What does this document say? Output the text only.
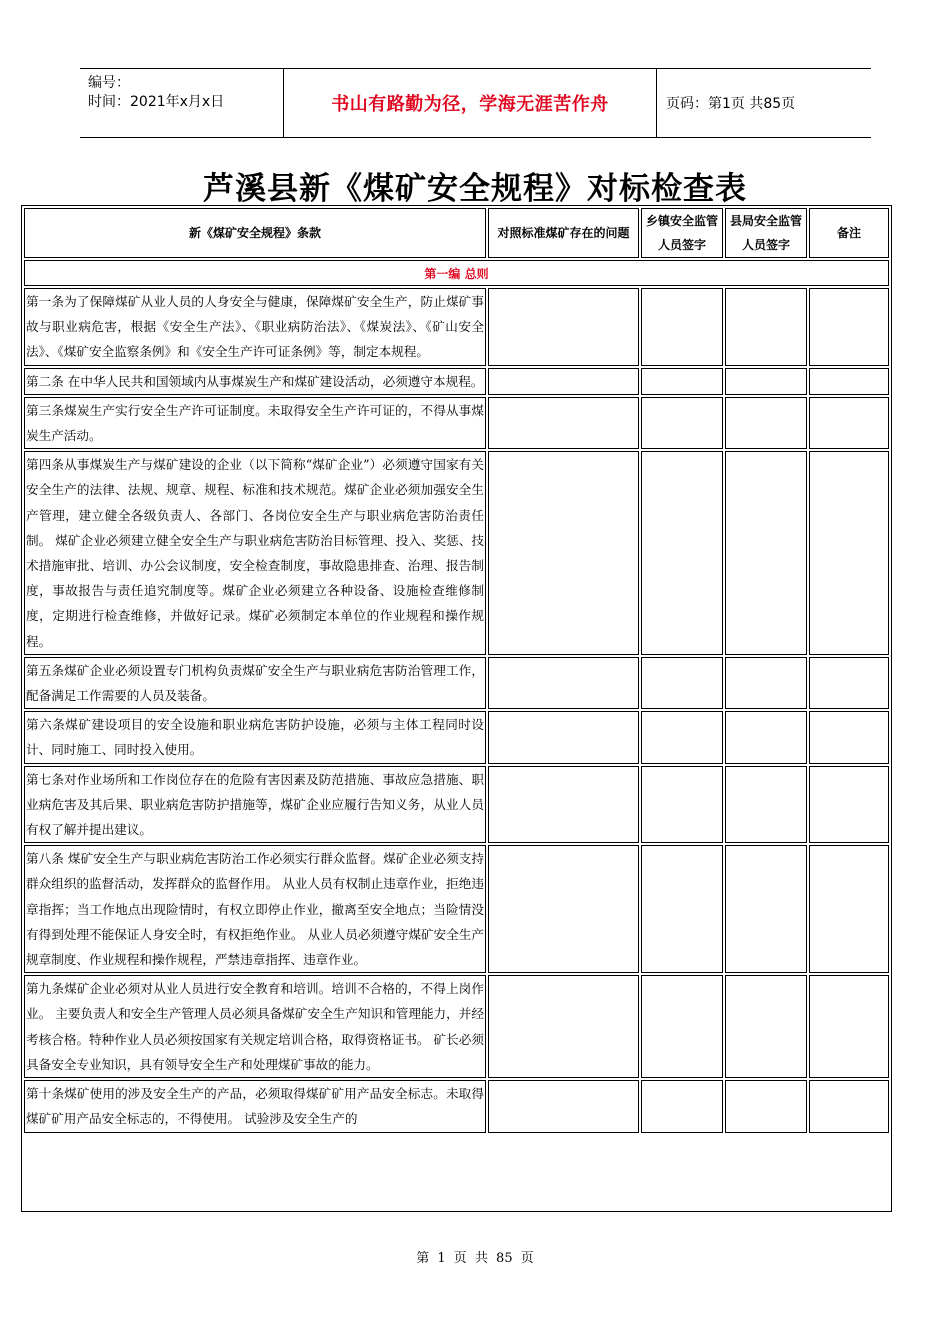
编号：
时间：2021年x月x日	书山有路勤为径，学海无涯苦作舟	页码：第1页 共85页
芦溪县新《煤矿安全规程》对标检查表
新《煤矿安全规程》条款	对照标准煤矿存在的问题	乡镇安全监管人员签字	县局安全监管人员签字	备注
第一编 总则				
第一条为了保障煤矿从业人员的人身安全与健康，保障煤矿安全生产，防止煤矿事故与职业病危害，根据《安全生产法》、《职业病防治法》、《煤炭法》、《矿山安全法》、《煤矿安全监察条例》和《安全生产许可证条例》等，制定本规程。				
第二条 在中华人民共和国领域内从事煤炭生产和煤矿建设活动，必须遵守本规程。				
第三条煤炭生产实行安全生产许可证制度。未取得安全生产许可证的，不得从事煤炭生产活动。				
第四条从事煤炭生产与煤矿建设的企业（以下简称“煤矿企业”）必须遵守国家有关安全生产的法律、法规、规章、规程、标准和技术规范。煤矿企业必须加强安全生产管理，建立健全各级负责人、各部门、各岗位安全生产与职业病危害防治责任制。 煤矿企业必须建立健全安全生产与职业病危害防治目标管理、投入、奖惩、技术措施审批、培训、办公会议制度，安全检查制度，事故隐患排查、治理、报告制度，事故报告与责任追究制度等。煤矿企业必须建立各种设备、设施检查维修制度，定期进行检查维修，并做好记录。煤矿必须制定本单位的作业规程和操作规程。				
第五条煤矿企业必须设置专门机构负责煤矿安全生产与职业病危害防治管理工作，配备满足工作需要的人员及装备。				
第六条煤矿建设项目的安全设施和职业病危害防护设施，必须与主体工程同时设计、同时施工、同时投入使用。				
第七条对作业场所和工作岗位存在的危险有害因素及防范措施、事故应急措施、职业病危害及其后果、职业病危害防护措施等，煤矿企业应履行告知义务，从业人员有权了解并提出建议。				
第八条 煤矿安全生产与职业病危害防治工作必须实行群众监督。煤矿企业必须支持群众组织的监督活动，发挥群众的监督作用。 从业人员有权制止违章作业，拒绝违章指挥；当工作地点出现险情时，有权立即停止作业，撤离至安全地点；当险情没有得到处理不能保证人身安全时，有权拒绝作业。 从业人员必须遵守煤矿安全生产规章制度、作业规程和操作规程，严禁违章指挥、违章作业。				
第九条煤矿企业必须对从业人员进行安全教育和培训。培训不合格的，不得上岗作业。 主要负责人和安全生产管理人员必须具备煤矿安全生产知识和管理能力，并经考核合格。特种作业人员必须按国家有关规定培训合格，取得资格证书。 矿长必须具备安全专业知识，具有领导安全生产和处理煤矿事故的能力。				
第十条煤矿使用的涉及安全生产的产品，必须取得煤矿矿用产品安全标志。未取得煤矿矿用产品安全标志的，不得使用。 试验涉及安全生产的				
第 1 页 共 85 页
